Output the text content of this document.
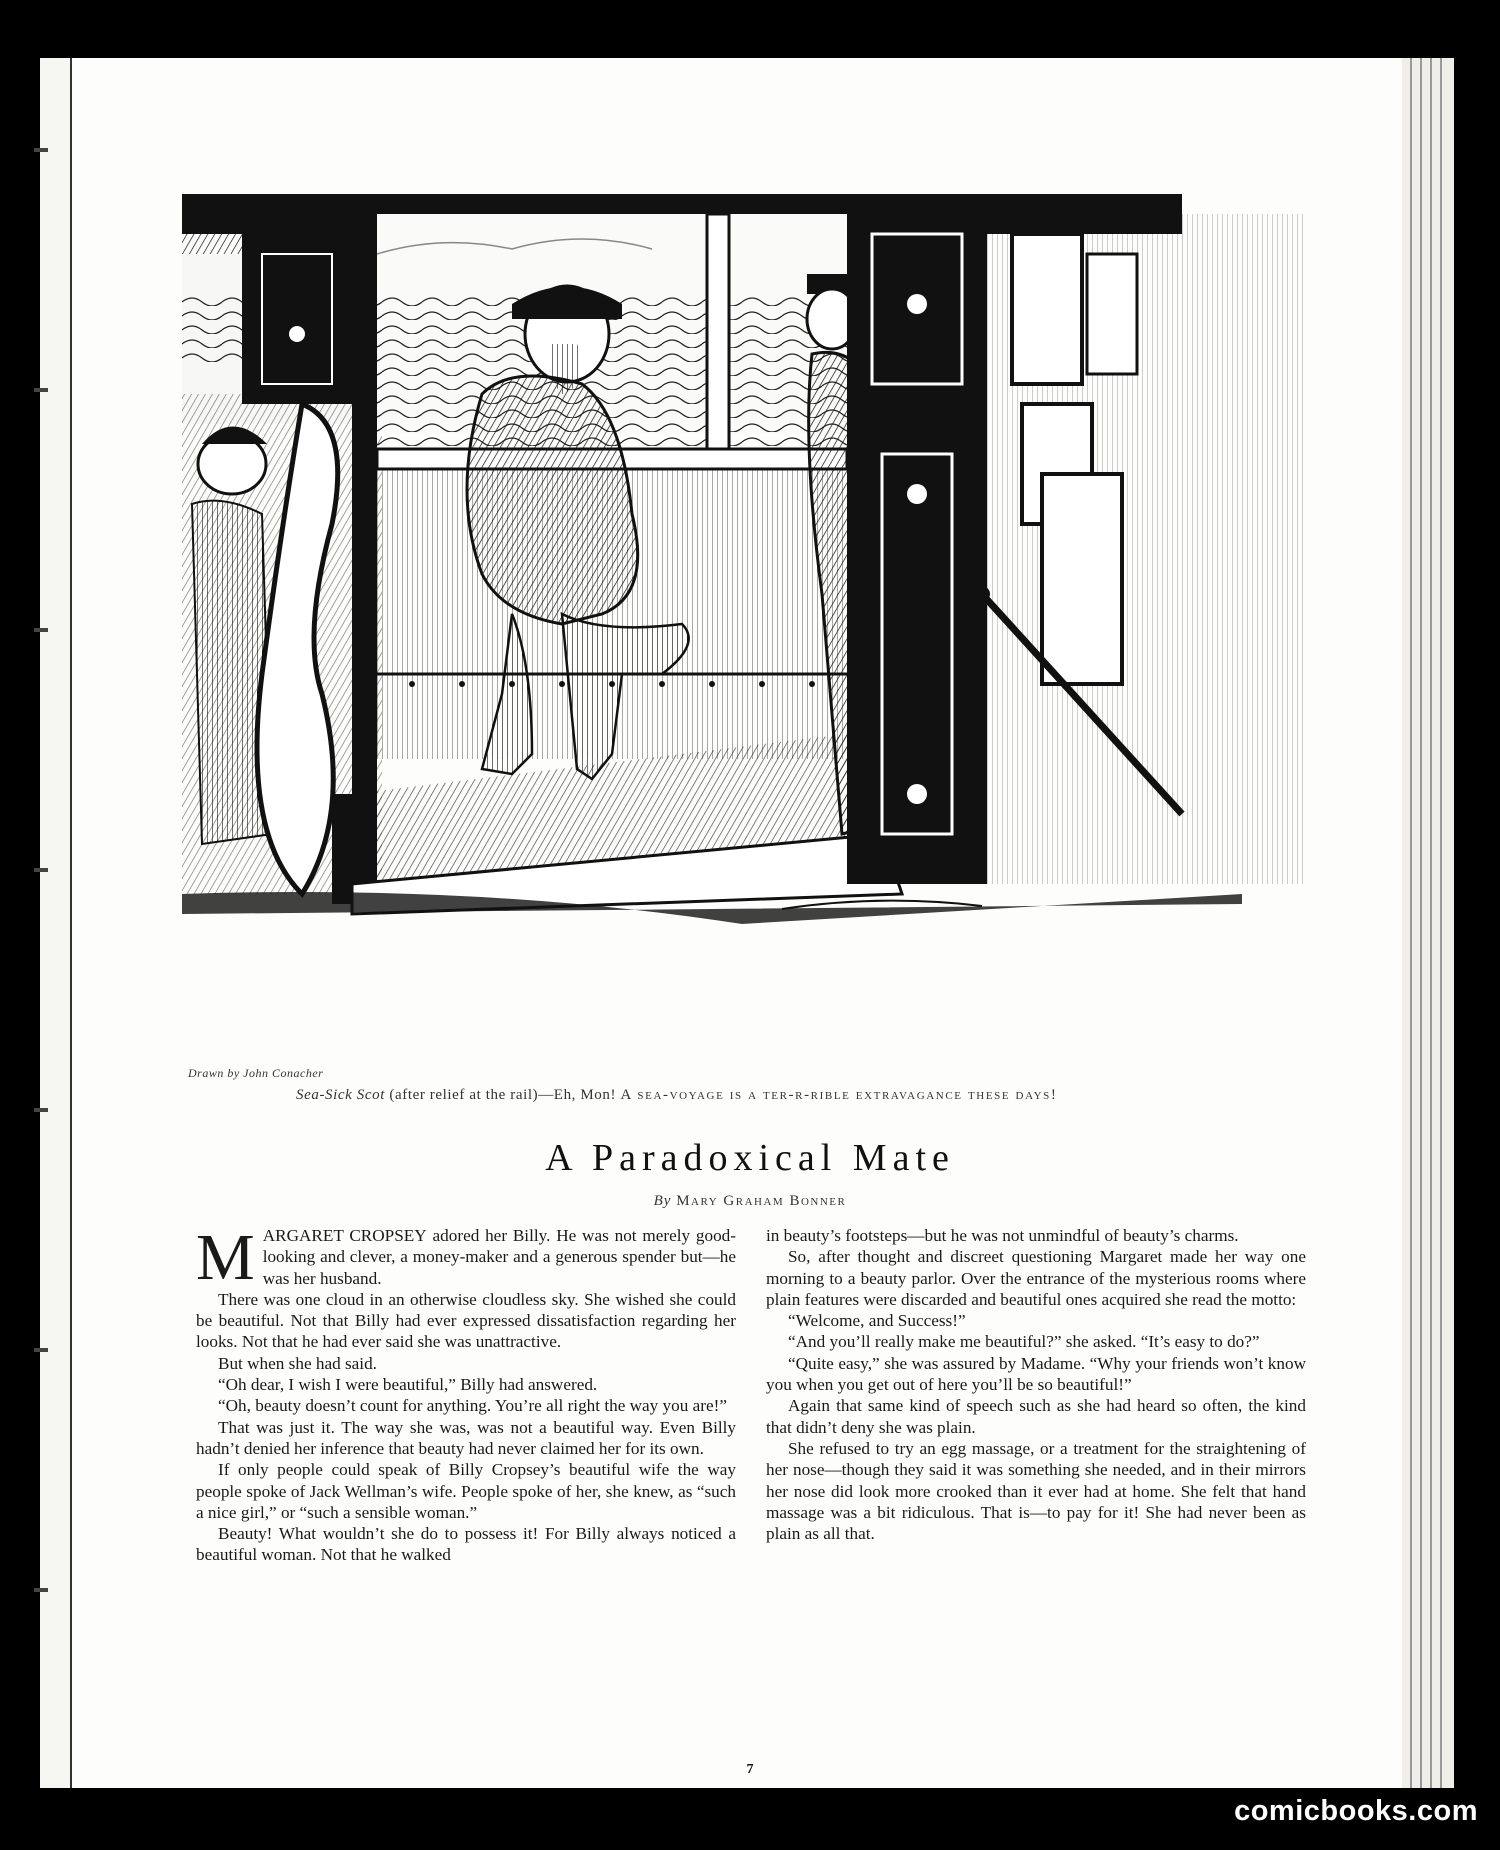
Drawn by John Conacher
Sea-Sick Scot (after relief at the rail)—Eh, Mon! A sea-voyage is a ter-r-rible extravagance these days!
A Paradoxical Mate
By Mary Graham Bonner

MARGARET CROPSEY adored her Billy. He was not merely good-looking and clever, a money-maker and a generous spender but—he was her husband.

There was one cloud in an otherwise cloudless sky. She wished she could be beautiful. Not that Billy had ever expressed dissatisfaction regarding her looks. Not that he had ever said she was unattractive.

But when she had said.

“Oh dear, I wish I were beautiful,” Billy had answered.

“Oh, beauty doesn’t count for anything. You’re all right the way you are!”

That was just it. The way she was, was not a beautiful way. Even Billy hadn’t denied her inference that beauty had never claimed her for its own.

If only people could speak of Billy Cropsey’s beautiful wife the way people spoke of Jack Wellman’s wife. People spoke of her, she knew, as “such a nice girl,” or “such a sensible woman.”

Beauty! What wouldn’t she do to possess it! For Billy always noticed a beautiful woman. Not that he walked

in beauty’s footsteps—but he was not unmindful of beauty’s charms.

So, after thought and discreet questioning Margaret made her way one morning to a beauty parlor. Over the entrance of the mysterious rooms where plain features were discarded and beautiful ones acquired she read the motto:

“Welcome, and Success!”

“And you’ll really make me beautiful?” she asked. “It’s easy to do?”

“Quite easy,” she was assured by Madame. “Why your friends won’t know you when you get out of here you’ll be so beautiful!”

Again that same kind of speech such as she had heard so often, the kind that didn’t deny she was plain.

She refused to try an egg massage, or a treatment for the straightening of her nose—though they said it was something she needed, and in their mirrors her nose did look more crooked than it ever had at home. She felt that hand massage was a bit ridiculous. That is—to pay for it! She had never been as plain as all that.

7
comicbooks.com
